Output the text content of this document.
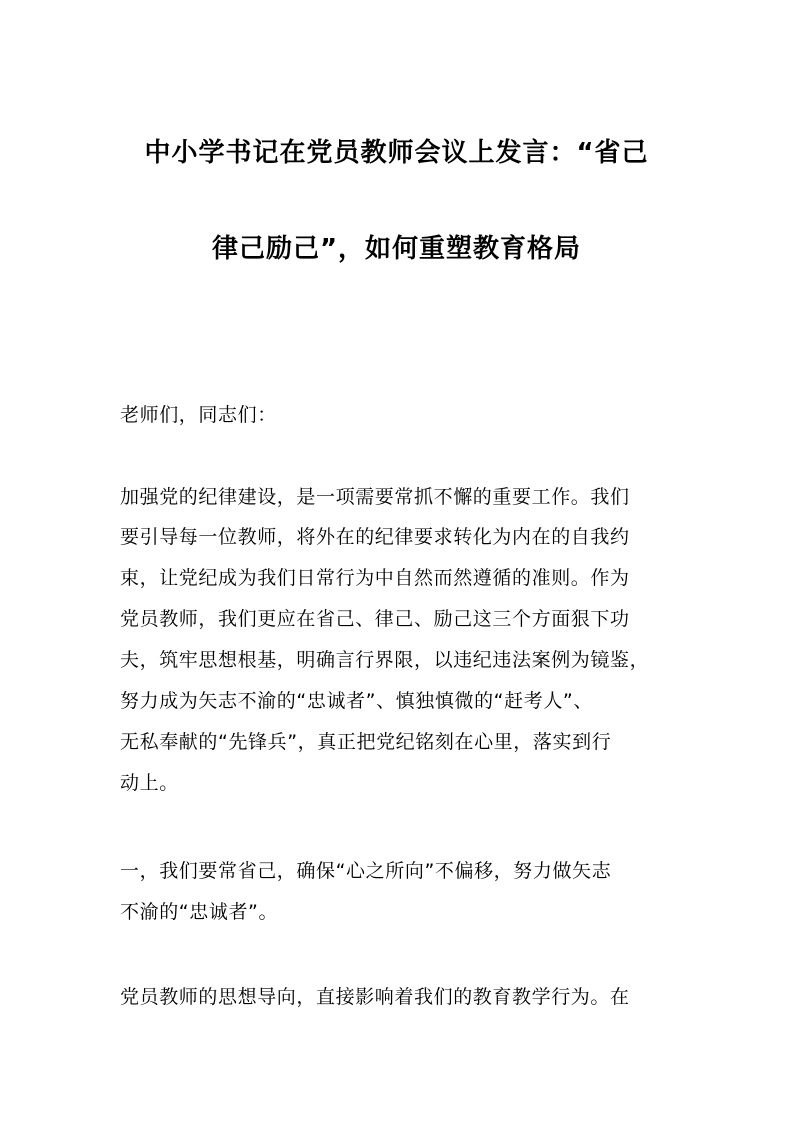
中小学书记在党员教师会议上发言：“省己
律己励己”，如何重塑教育格局
老师们，同志们：
加强党的纪律建设，是一项需要常抓不懈的重要工作。我们
要引导每一位教师，将外在的纪律要求转化为内在的自我约
束，让党纪成为我们日常行为中自然而然遵循的准则。作为
党员教师，我们更应在省己、律己、励己这三个方面狠下功
夫，筑牢思想根基，明确言行界限，以违纪违法案例为镜鉴，
努力成为矢志不渝的“忠诚者”、慎独慎微的“赶考人”、
无私奉献的“先锋兵”，真正把党纪铭刻在心里，落实到行
动上。
一，我们要常省己，确保“心之所向”不偏移，努力做矢志
不渝的“忠诚者”。
党员教师的思想导向，直接影响着我们的教育教学行为。在
